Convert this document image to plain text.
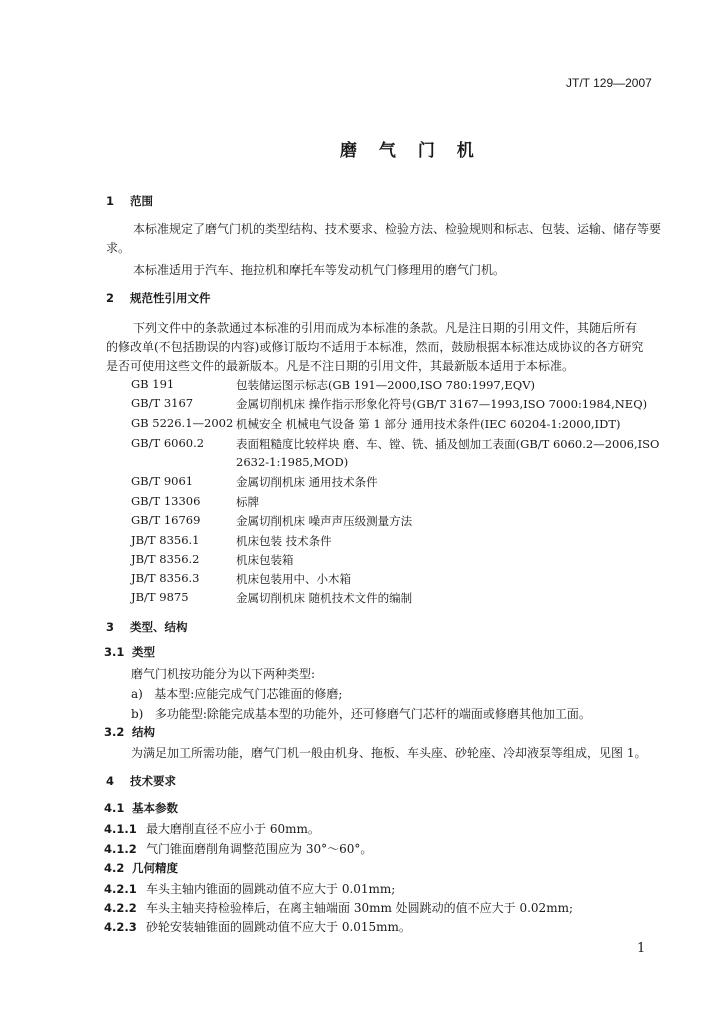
JT/T 129—2007
磨 气 门 机
1 范围
本标准规定了磨气门机的类型结构、技术要求、检验方法、检验规则和标志、包装、运输、储存等要
求。
本标准适用于汽车、拖拉机和摩托车等发动机气门修理用的磨气门机。
2 规范性引用文件
下列文件中的条款通过本标准的引用而成为本标准的条款。凡是注日期的引用文件，其随后所有
的修改单(不包括勘误的内容)或修订版均不适用于本标准，然而，鼓励根据本标准达成协议的各方研究
是否可使用这些文件的最新版本。凡是不注日期的引用文件，其最新版本适用于本标准。
GB 191	包装储运图示标志(GB 191—2000,ISO 780:1997,EQV)
GB/T 3167	金属切削机床 操作指示形象化符号(GB/T 3167—1993,ISO 7000:1984,NEQ)
GB 5226.1—2002 机械安全 机械电气设备 第 1 部分 通用技术条件(IEC 60204-1:2000,IDT)
GB/T 6060.2	表面粗糙度比较样块 磨、车、镗、铣、插及刨加工表面(GB/T 6060.2—2006,ISO
2632-1:1985,MOD)
GB/T 9061	金属切削机床 通用技术条件
GB/T 13306	标牌
GB/T 16769	金属切削机床 噪声声压级测量方法
JB/T 8356.1	机床包装 技术条件
JB/T 8356.2	机床包装箱
JB/T 8356.3	机床包装用中、小木箱
JB/T 9875	金属切削机床 随机技术文件的编制
3 类型、结构
3.1 类型
磨气门机按功能分为以下两种类型:
a) 基本型:应能完成气门芯锥面的修磨;
b) 多功能型:除能完成基本型的功能外，还可修磨气门芯杆的端面或修磨其他加工面。
3.2 结构
为满足加工所需功能，磨气门机一般由机身、拖板、车头座、砂轮座、冷却液泵等组成，见图 1。
4 技术要求
4.1 基本参数
4.1.1 最大磨削直径不应小于 60mm。
4.1.2 气门锥面磨削角调整范围应为 30°～60°。
4.2 几何精度
4.2.1 车头主轴内锥面的圆跳动值不应大于 0.01mm;
4.2.2 车头主轴夹持检验棒后，在离主轴端面 30mm 处圆跳动的值不应大于 0.02mm;
4.2.3 砂轮安装轴锥面的圆跳动值不应大于 0.015mm。
1
